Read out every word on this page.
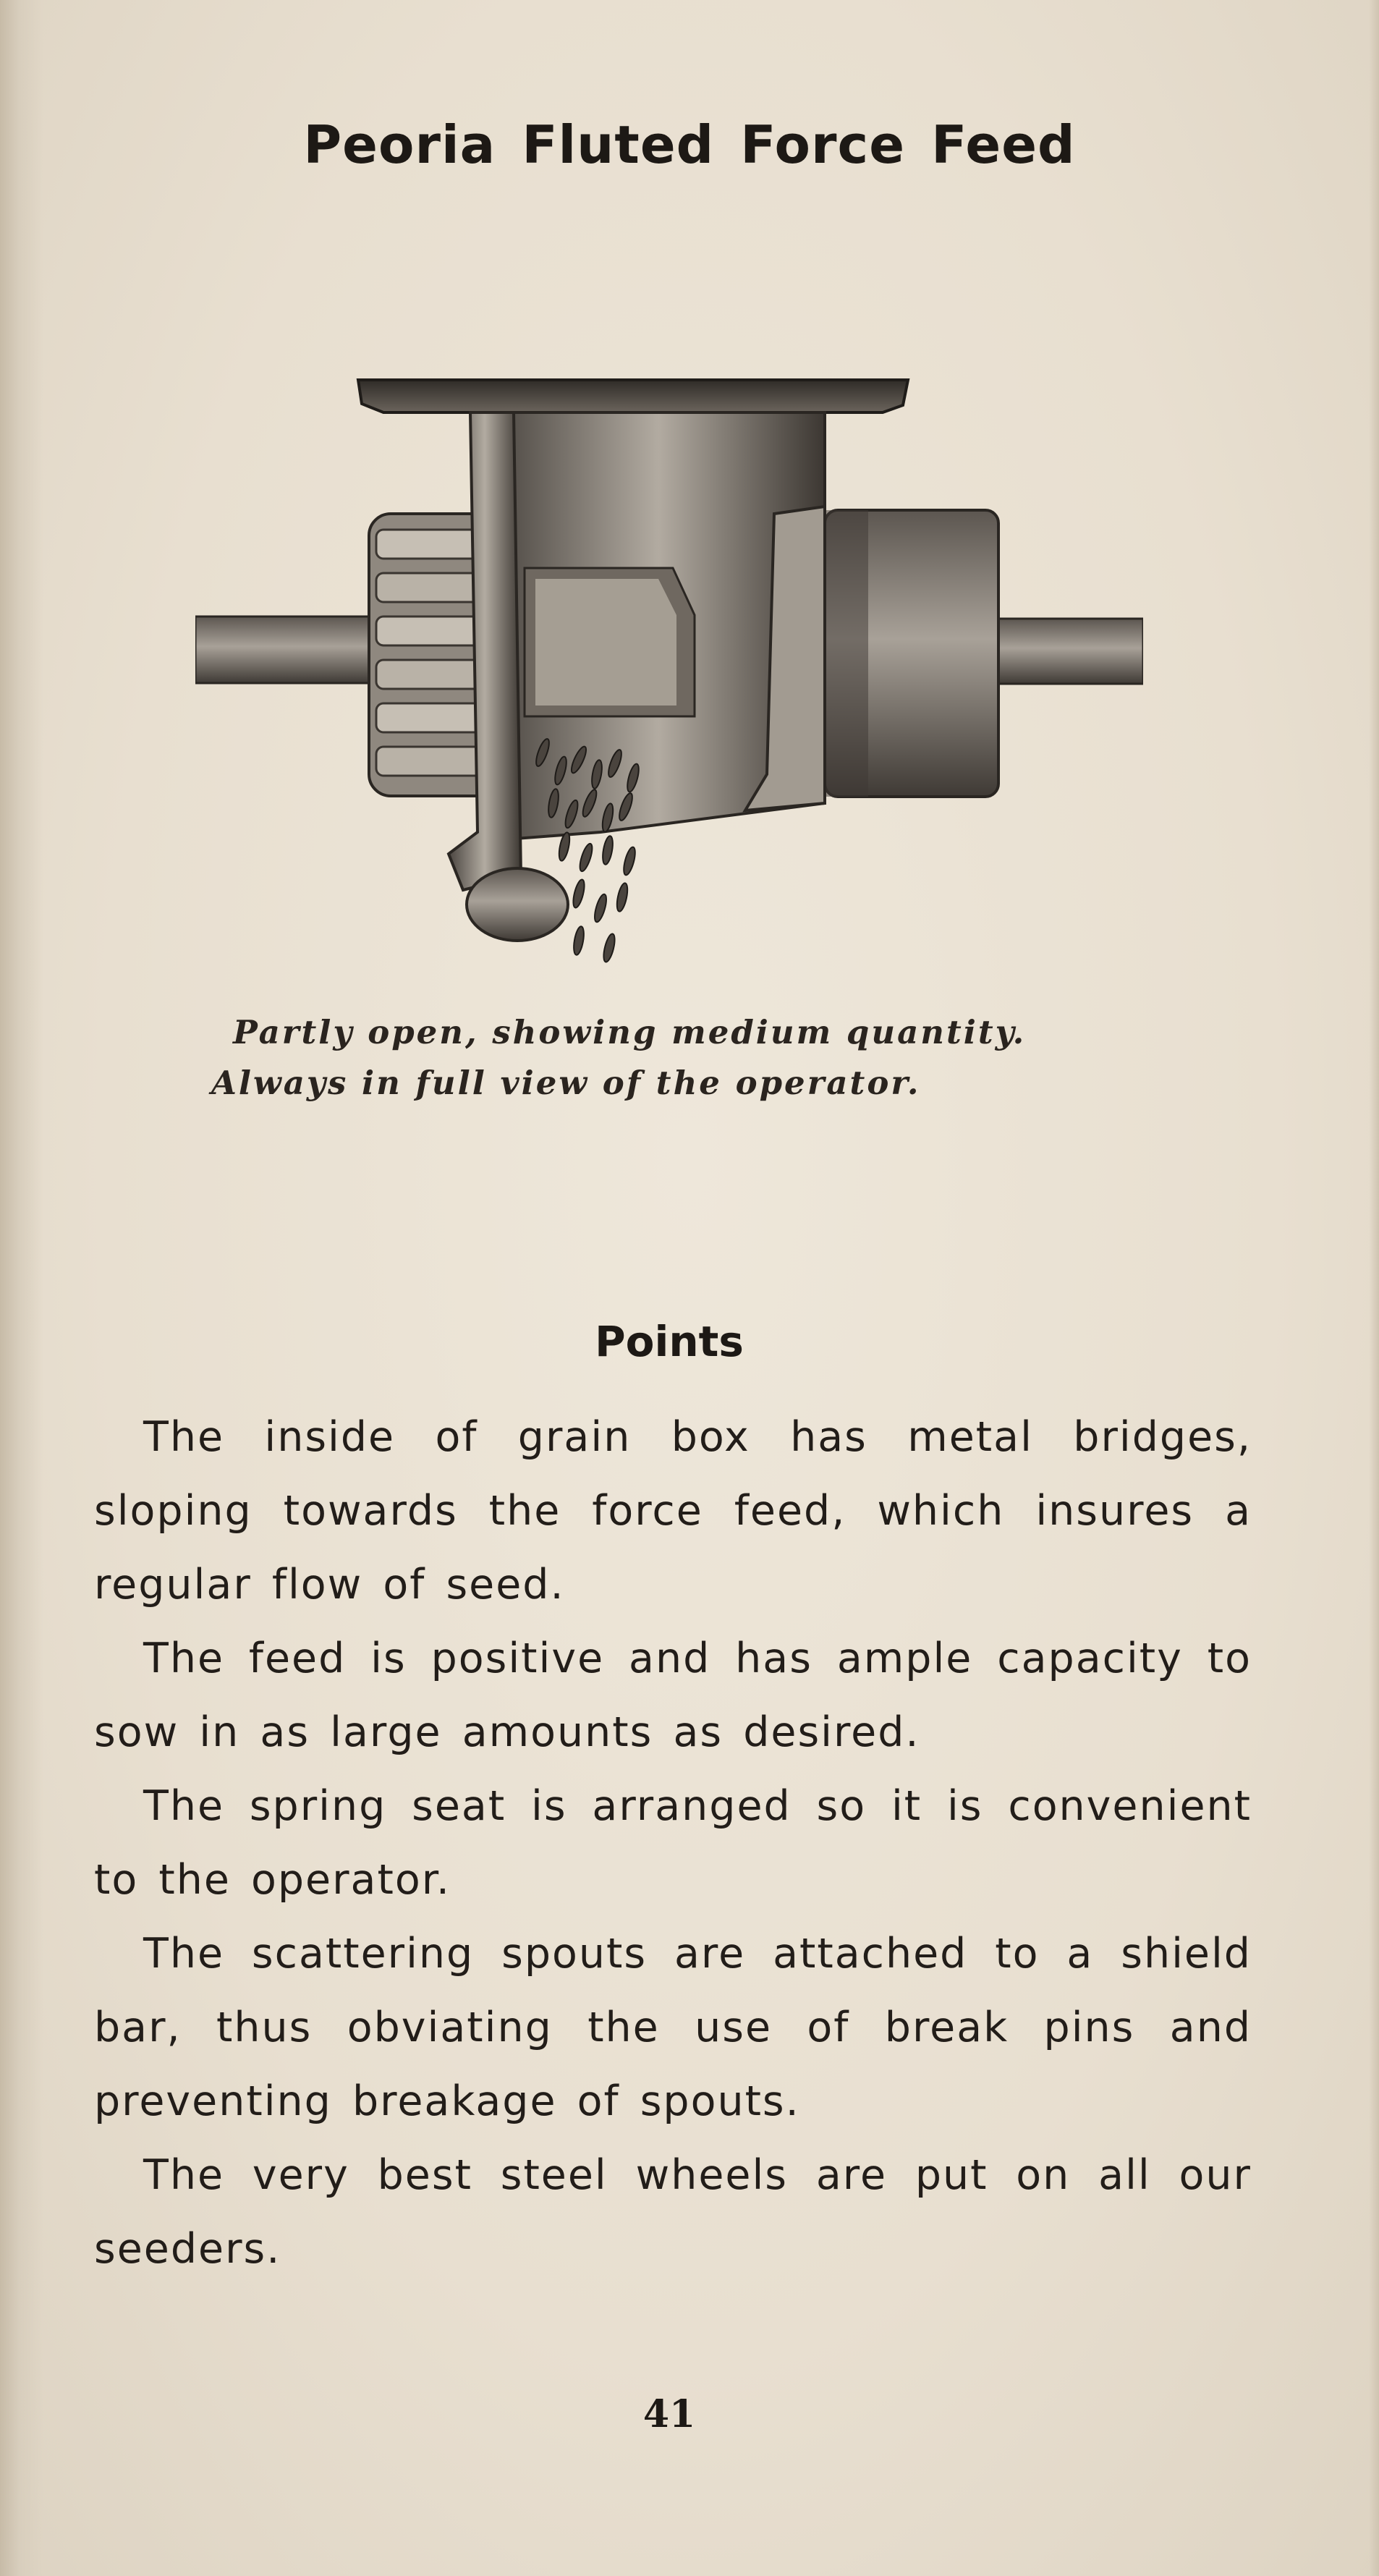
Peoria Fluted Force Feed
Partly open, showing medium quantity.
Always in full view of the operator.
Points

The inside of grain box has metal bridges, sloping towards the force feed, which insures a regular flow of seed.

The feed is positive and has ample capacity to sow in as large amounts as desired.

The spring seat is arranged so it is convenient to the operator.

The scattering spouts are attached to a shield bar, thus obviating the use of break pins and preventing breakage of spouts.

The very best steel wheels are put on all our seeders.

41
